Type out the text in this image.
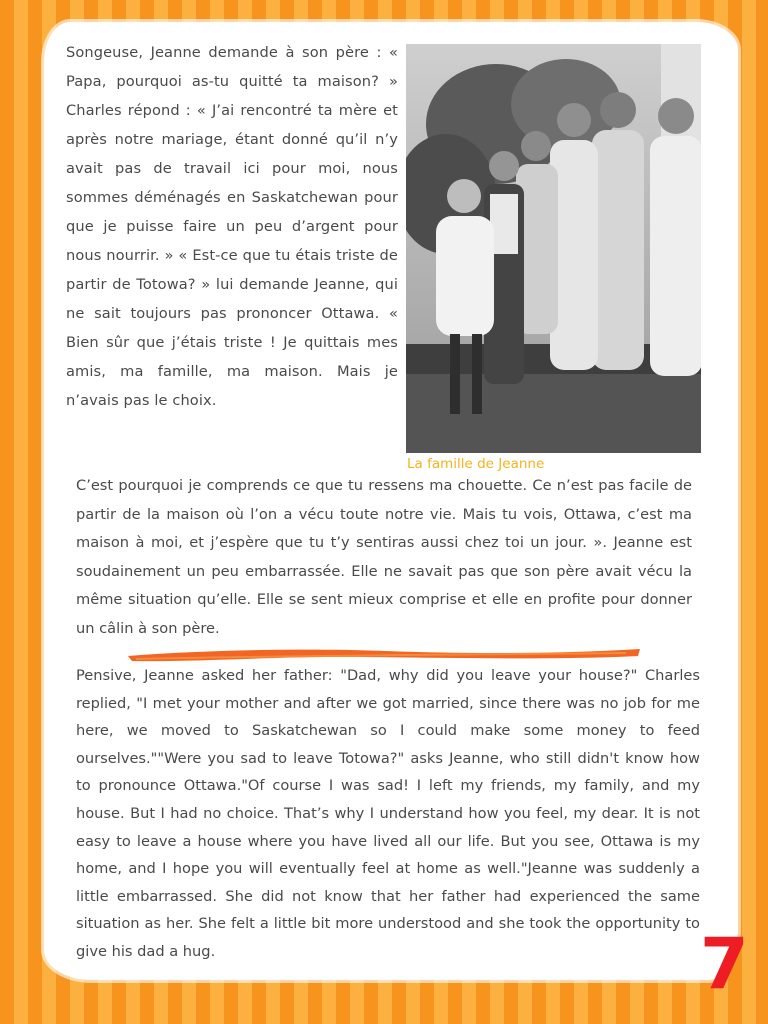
Songeuse, Jeanne demande à son père : « Papa, pourquoi as-tu quitté ta maison? » Charles répond : « J’ai rencontré ta mère et après notre mariage, étant donné qu’il n’y avait pas de travail ici pour moi, nous sommes déménagés en Saskatchewan pour que je puisse faire un peu d’argent pour nous nourrir. » « Est-ce que tu étais triste de partir de Totowa? » lui demande Jeanne, qui ne sait toujours pas prononcer Ottawa. « Bien sûr que j’étais triste ! Je quittais mes amis, ma famille, ma maison. Mais je n’avais pas le choix.
La famille de Jeanne
C’est pourquoi je comprends ce que tu ressens ma chouette. Ce n’est pas facile de partir de la maison où l’on a vécu toute notre vie. Mais tu vois, Ottawa, c’est ma maison à moi, et j’espère que tu t’y sentiras aussi chez toi un jour. ». Jeanne est soudainement un peu embarrassée. Elle ne savait pas que son père avait vécu la même situation qu’elle. Elle se sent mieux comprise et elle en profite pour donner un câlin à son père.
Pensive, Jeanne asked her father: "Dad, why did you leave your house?" Charles replied, "I met your mother and after we got married, since there was no job for me here, we moved to Saskatchewan so I could make some money to feed ourselves.""Were you sad to leave Totowa?" asks Jeanne, who still didn't know how to pronounce Ottawa."Of course I was sad! I left my friends, my family, and my house. But I had no choice. That’s why I understand how you feel, my dear. It is not easy to leave a house where you have lived all our life. But you see, Ottawa is my home, and I hope you will eventually feel at home as well."Jeanne was suddenly a little embarrassed. She did not know that her father had experienced the same situation as her. She felt a little bit more understood and she took the opportunity to give his dad a hug.	7
